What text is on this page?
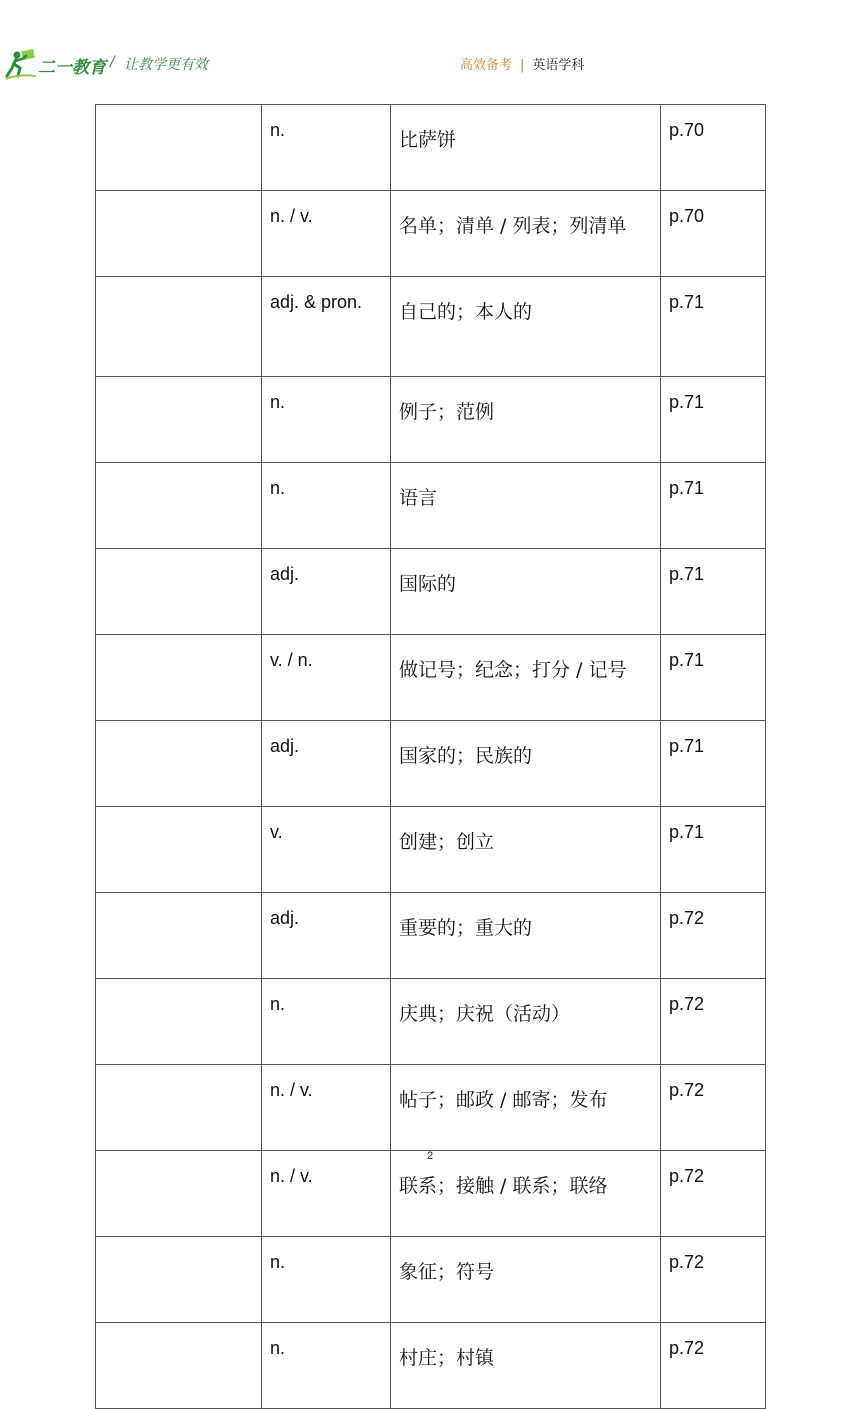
二一教育 / 让教学更有效	高效备考 | 英语学科
	n.	比萨饼	p.70
	n. / v.	名单；清单 / 列表；列清单	p.70
	adj. & pron.	自己的；本人的	p.71
	n.	例子；范例	p.71
	n.	语言	p.71
	adj.	国际的	p.71
	v. / n.	做记号；纪念；打分 / 记号	p.71
	adj.	国家的；民族的	p.71
	v.	创建；创立	p.71
	adj.	重要的；重大的	p.72
	n.	庆典；庆祝（活动）	p.72
	n. / v.	帖子；邮政 / 邮寄；发布	p.72
	n. / v.	联系；接触 / 联系；联络	p.72
	n.	象征；符号	p.72
	n.	村庄；村镇	p.72
2
